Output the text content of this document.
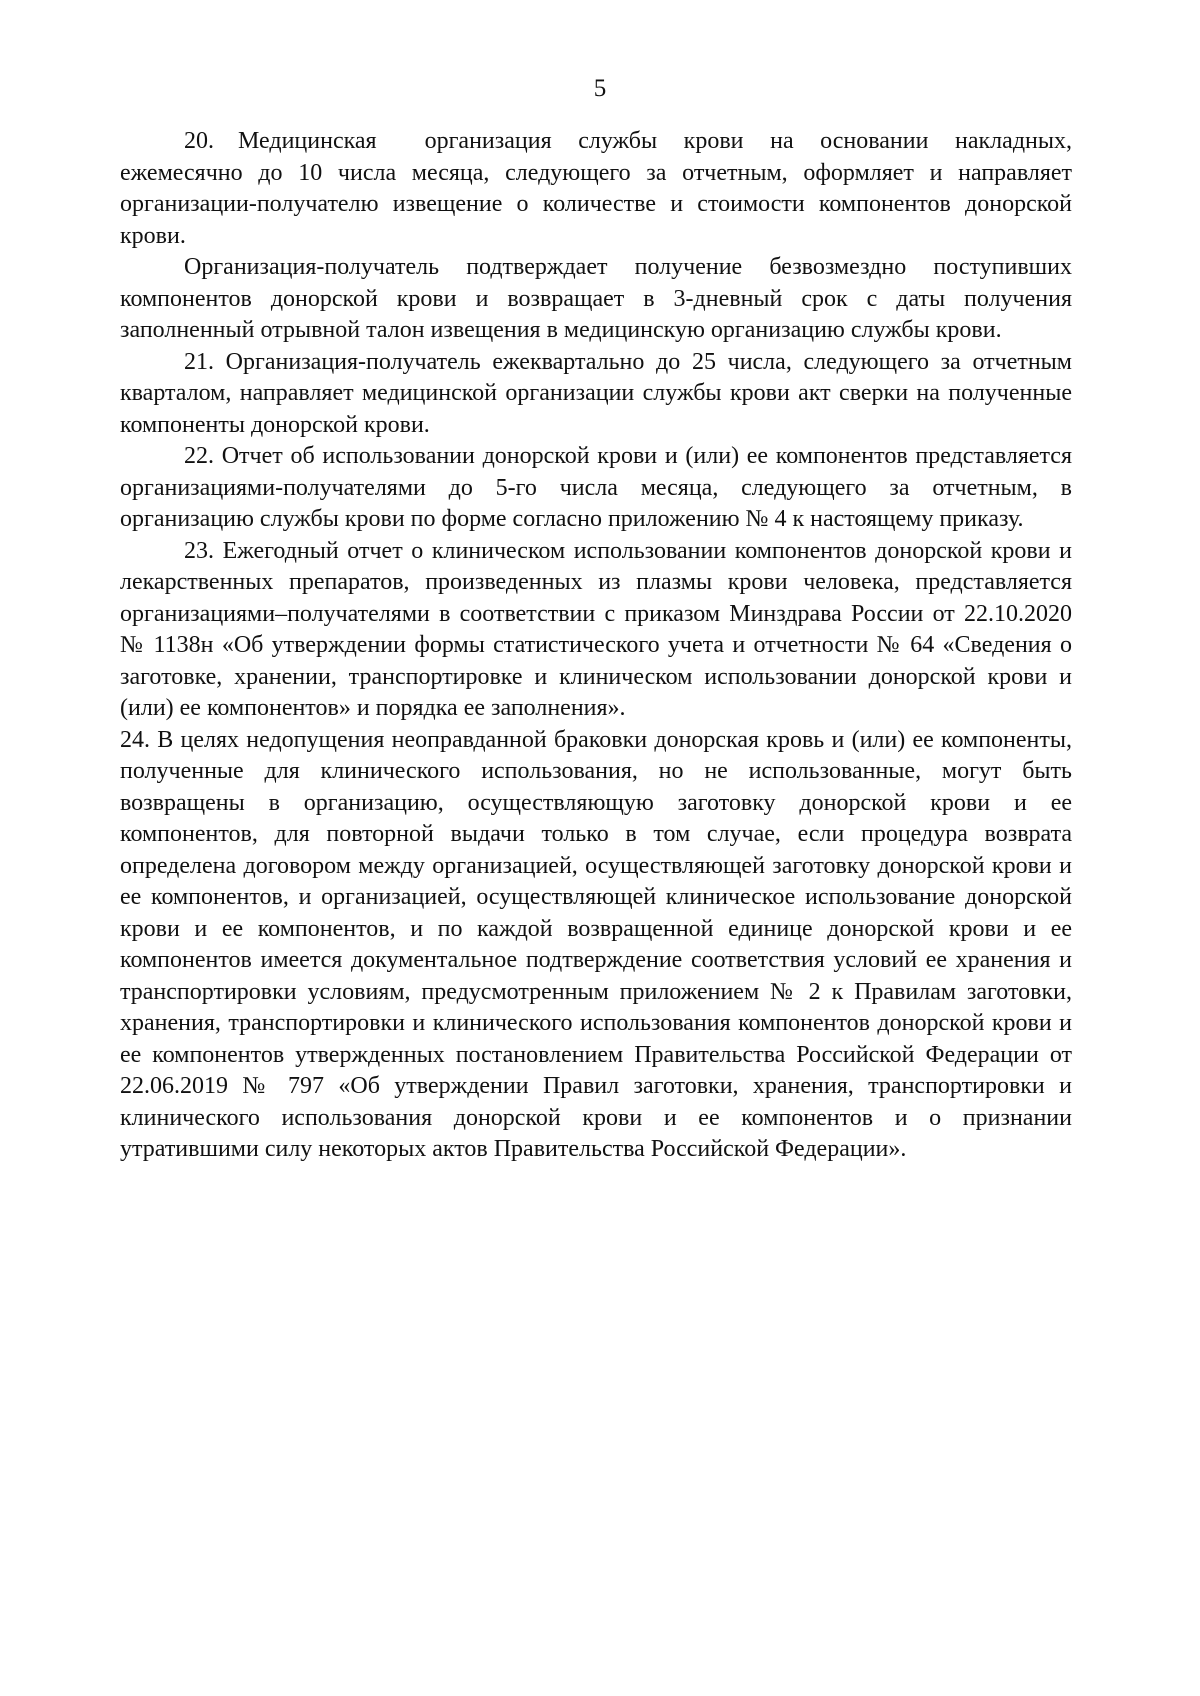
5

20. Медицинская  организация службы крови на основании накладных, ежемесячно до 10 числа месяца, следующего за отчетным, оформляет и направляет организации-получателю извещение о количестве и стоимости компонентов донорской крови.

Организация-получатель подтверждает получение безвозмездно поступивших компонентов донорской крови и возвращает в 3-дневный срок с даты получения заполненный отрывной талон извещения в медицинскую организацию службы крови.

21. Организация-получатель ежеквартально до 25 числа, следующего за отчетным кварталом, направляет медицинской организации службы крови акт сверки на полученные компоненты донорской крови.

22. Отчет об использовании донорской крови и (или) ее компонентов представляется организациями-получателями до 5-го числа месяца, следующего за отчетным, в организацию службы крови по форме согласно приложению № 4 к настоящему приказу.

23. Ежегодный отчет о клиническом использовании компонентов донорской крови и лекарственных препаратов, произведенных из плазмы крови человека, представляется организациями–получателями в соответствии с приказом Минздрава России от 22.10.2020 № 1138н «Об утверждении формы статистического учета и отчетности № 64 «Сведения о заготовке, хранении, транспортировке и клиническом использовании донорской крови и (или) ее компонентов» и порядка ее заполнения».

24. В целях недопущения неоправданной браковки донорская кровь и (или) ее компоненты, полученные для клинического использования, но не использованные, могут быть возвращены в организацию, осуществляющую заготовку донорской крови и ее компонентов, для повторной выдачи только в том случае, если процедура возврата определена договором между организацией, осуществляющей заготовку донорской крови и ее компонентов, и организацией, осуществляющей клиническое использование донорской крови и ее компонентов, и по каждой возвращенной единице донорской крови и ее компонентов имеется документальное подтверждение соответствия условий ее хранения и транспортировки условиям, предусмотренным приложением № 2 к Правилам заготовки, хранения, транспортировки и клинического использования компонентов донорской крови и ее компонентов утвержденных постановлением Правительства Российской Федерации от 22.06.2019 № 797 «Об утверждении Правил заготовки, хранения, транспортировки и клинического использования донорской крови и ее компонентов и о признании утратившими силу некоторых актов Правительства Российской Федерации».
